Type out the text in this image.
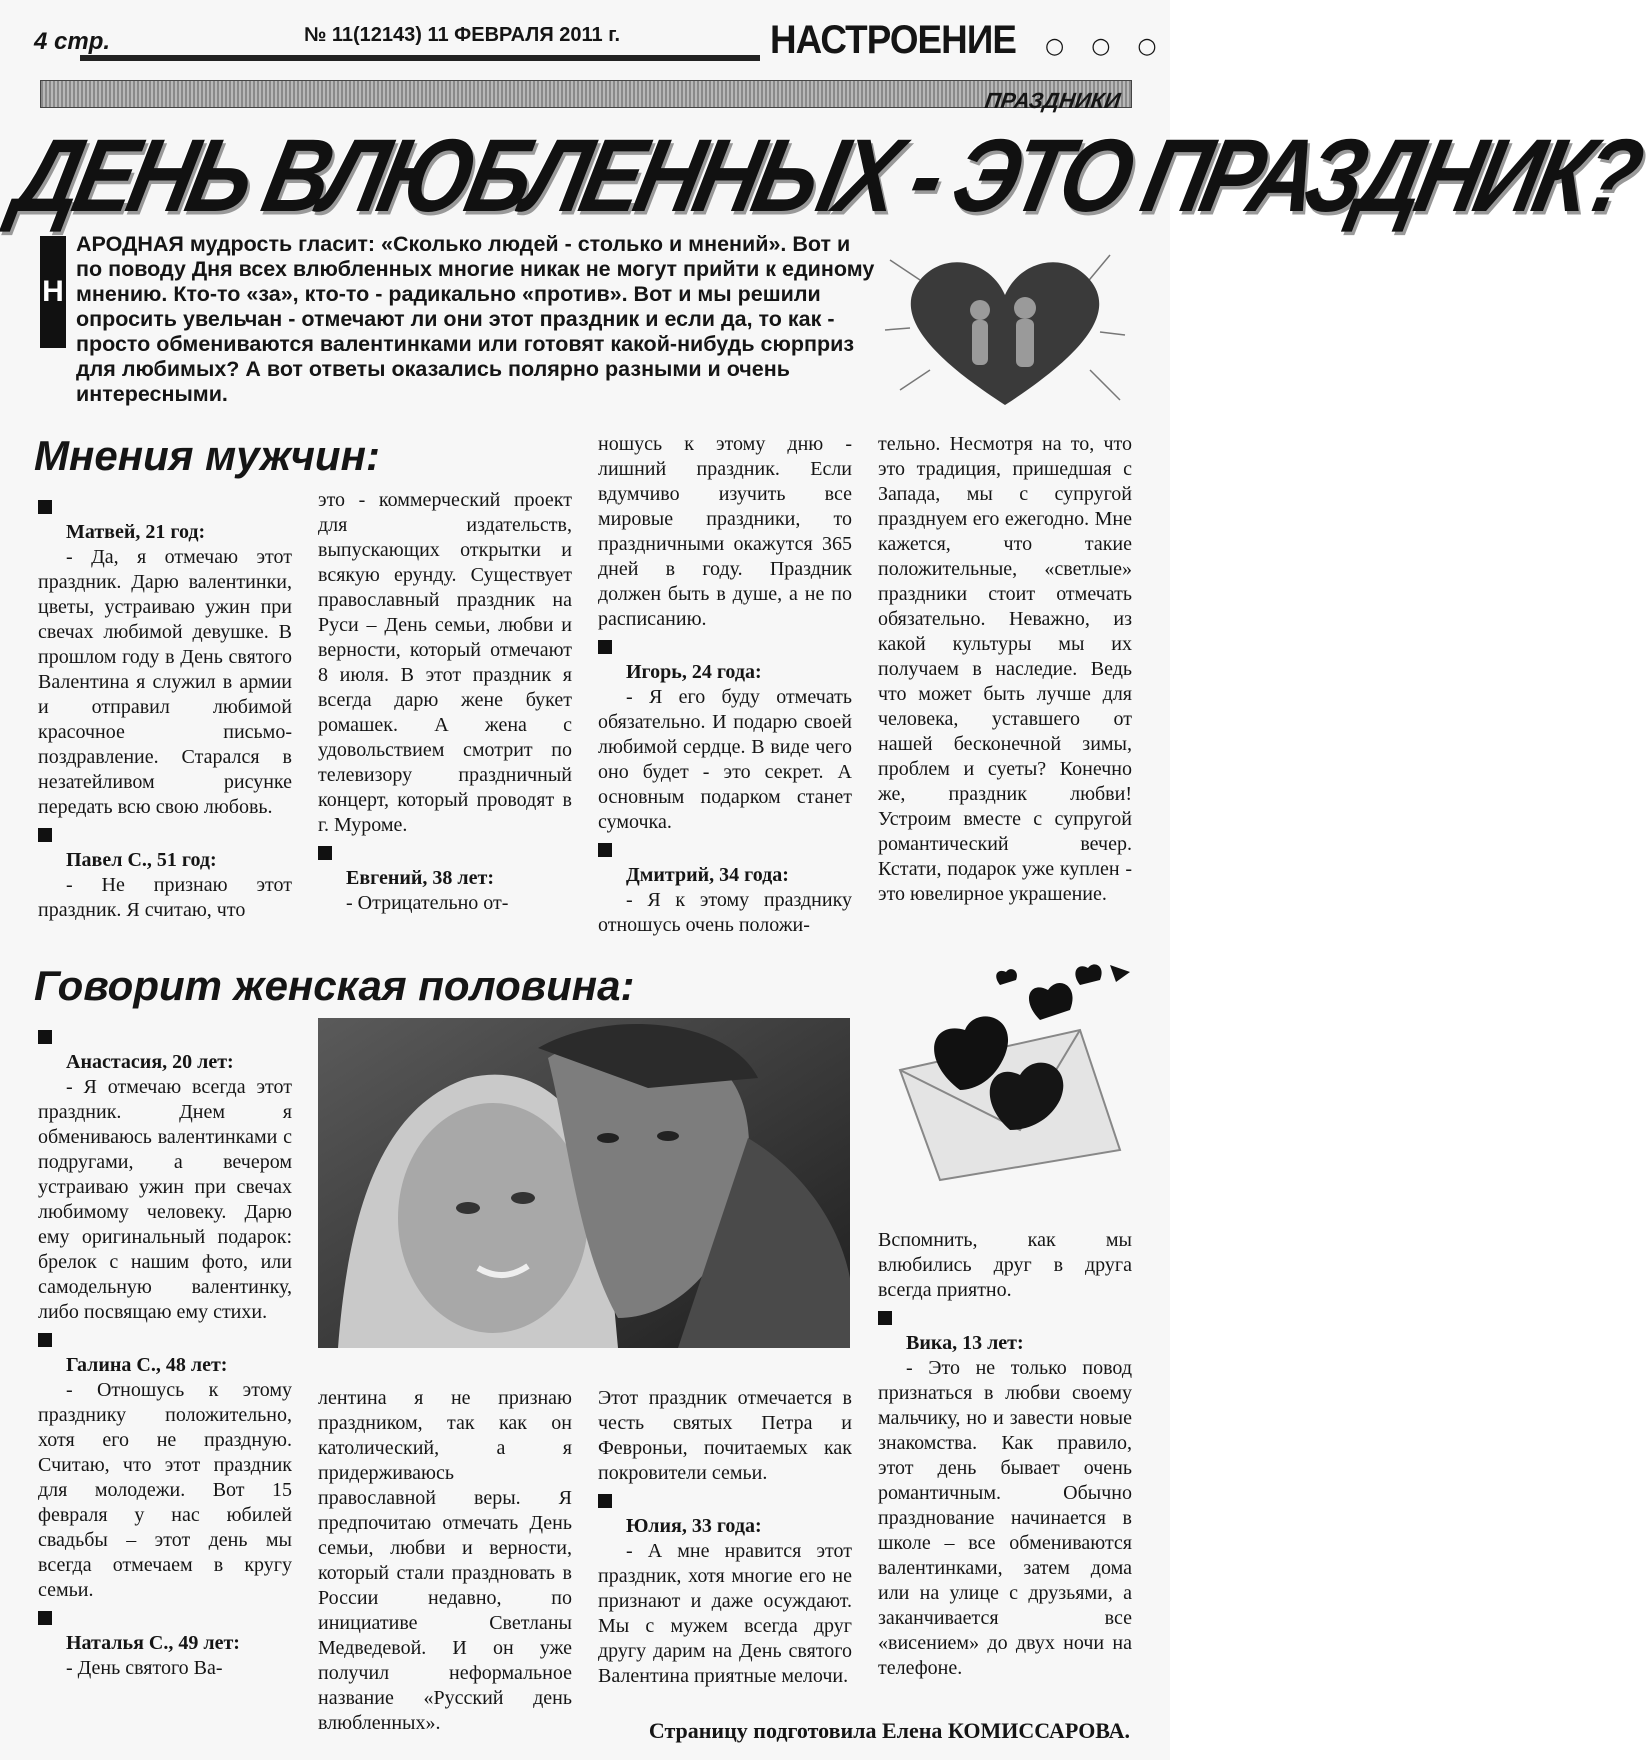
4 стр.	№ 11(12143) 11 ФЕВРАЛЯ 2011 г.	НАСТРОЕНИЕ ○ ○ ○
ПРАЗДНИКИ
ДЕНЬ ВЛЮБЛЕННЫХ - ЭТО ПРАЗДНИК?
Н

АРОДНАЯ мудрость гласит: «Сколько людей - столько и мнений». Вот и по поводу Дня всех влюбленных многие никак не могут прийти к единому мнению. Кто-то «за», кто-то - радикально «против». Вот и мы решили опросить увельчан - отмечают ли они этот праздник и если да, то как - просто обмениваются валентинками или готовят какой-нибудь сюрприз для любимых? А вот ответы оказались полярно разными и очень интересными.

Мнения мужчин:

Матвей, 21 год:

- Да, я отмечаю этот праздник. Дарю валентинки, цветы, устраиваю ужин при свечах любимой девушке. В прошлом году в День святого Валентина я служил в армии и отправил любимой красочное письмо-поздравление. Старался в незатейливом рисунке передать всю свою любовь.

Павел С., 51 год:

- Не признаю этот праздник. Я считаю, что

это - коммерческий проект для издательств, выпускающих открытки и всякую ерунду. Существует православный праздник на Руси – День семьи, любви и верности, который отмечают 8 июля. В этот праздник я всегда дарю жене букет ромашек. А жена с удовольствием смотрит по телевизору праздничный концерт, который проводят в г. Муроме.

Евгений, 38 лет:

- Отрицательно от-

ношусь к этому дню - лишний праздник. Если вдумчиво изучить все мировые праздники, то праздничными окажутся 365 дней в году. Праздник должен быть в душе, а не по расписанию.

Игорь, 24 года:

- Я его буду отмечать обязательно. И подарю своей любимой сердце. В виде чего оно будет - это секрет. А основным подарком станет сумочка.

Дмитрий, 34 года:

- Я к этому празднику отношусь очень положи-

тельно. Несмотря на то, что это традиция, пришедшая с Запада, мы с супругой празднуем его ежегодно. Мне кажется, что такие положительные, «светлые» праздники стоит отмечать обязательно. Неважно, из какой культуры мы их получаем в наследие. Ведь что может быть лучше для человека, уставшего от нашей бесконечной зимы, проблем и суеты? Конечно же, праздник любви! Устроим вместе с супругой романтический вечер. Кстати, подарок уже куплен - это ювелирное украшение.

Говорит женская половина:

Анастасия, 20 лет:

- Я отмечаю всегда этот праздник. Днем я обмениваюсь валентинками с подругами, а вечером устраиваю ужин при свечах любимому человеку. Дарю ему оригинальный подарок: брелок с нашим фото, или самодельную валентинку, либо посвящаю ему стихи.

Галина С., 48 лет:

- Отношусь к этому празднику положительно, хотя его не праздную. Считаю, что этот праздник для молодежи. Вот 15 февраля у нас юбилей свадьбы – этот день мы всегда отмечаем в кругу семьи.

Наталья С., 49 лет:

- День святого Ва-

лентина я не признаю праздником, так как он католический, а я придерживаюсь православной веры. Я предпочитаю отмечать День семьи, любви и верности, который стали праздновать в России недавно, по инициативе Светланы Медведевой. И он уже получил неформальное название «Русский день влюбленных».

Этот праздник отмечается в честь святых Петра и Февроньи, почитаемых как покровители семьи.

Юлия, 33 года:

- А мне нравится этот праздник, хотя многие его не признают и даже осуждают. Мы с мужем всегда друг другу дарим на День святого Валентина приятные мелочи.

Вспомнить, как мы влюбились друг в друга всегда приятно.

Вика, 13 лет:

- Это не только повод признаться в любви своему мальчику, но и завести новые знакомства. Как правило, этот день бывает очень романтичным. Обычно празднование начинается в школе – все обмениваются валентинками, затем дома или на улице с друзьями, а заканчивается все «висением» до двух ночи на телефоне.

Страницу подготовила Елена КОМИССАРОВА.
